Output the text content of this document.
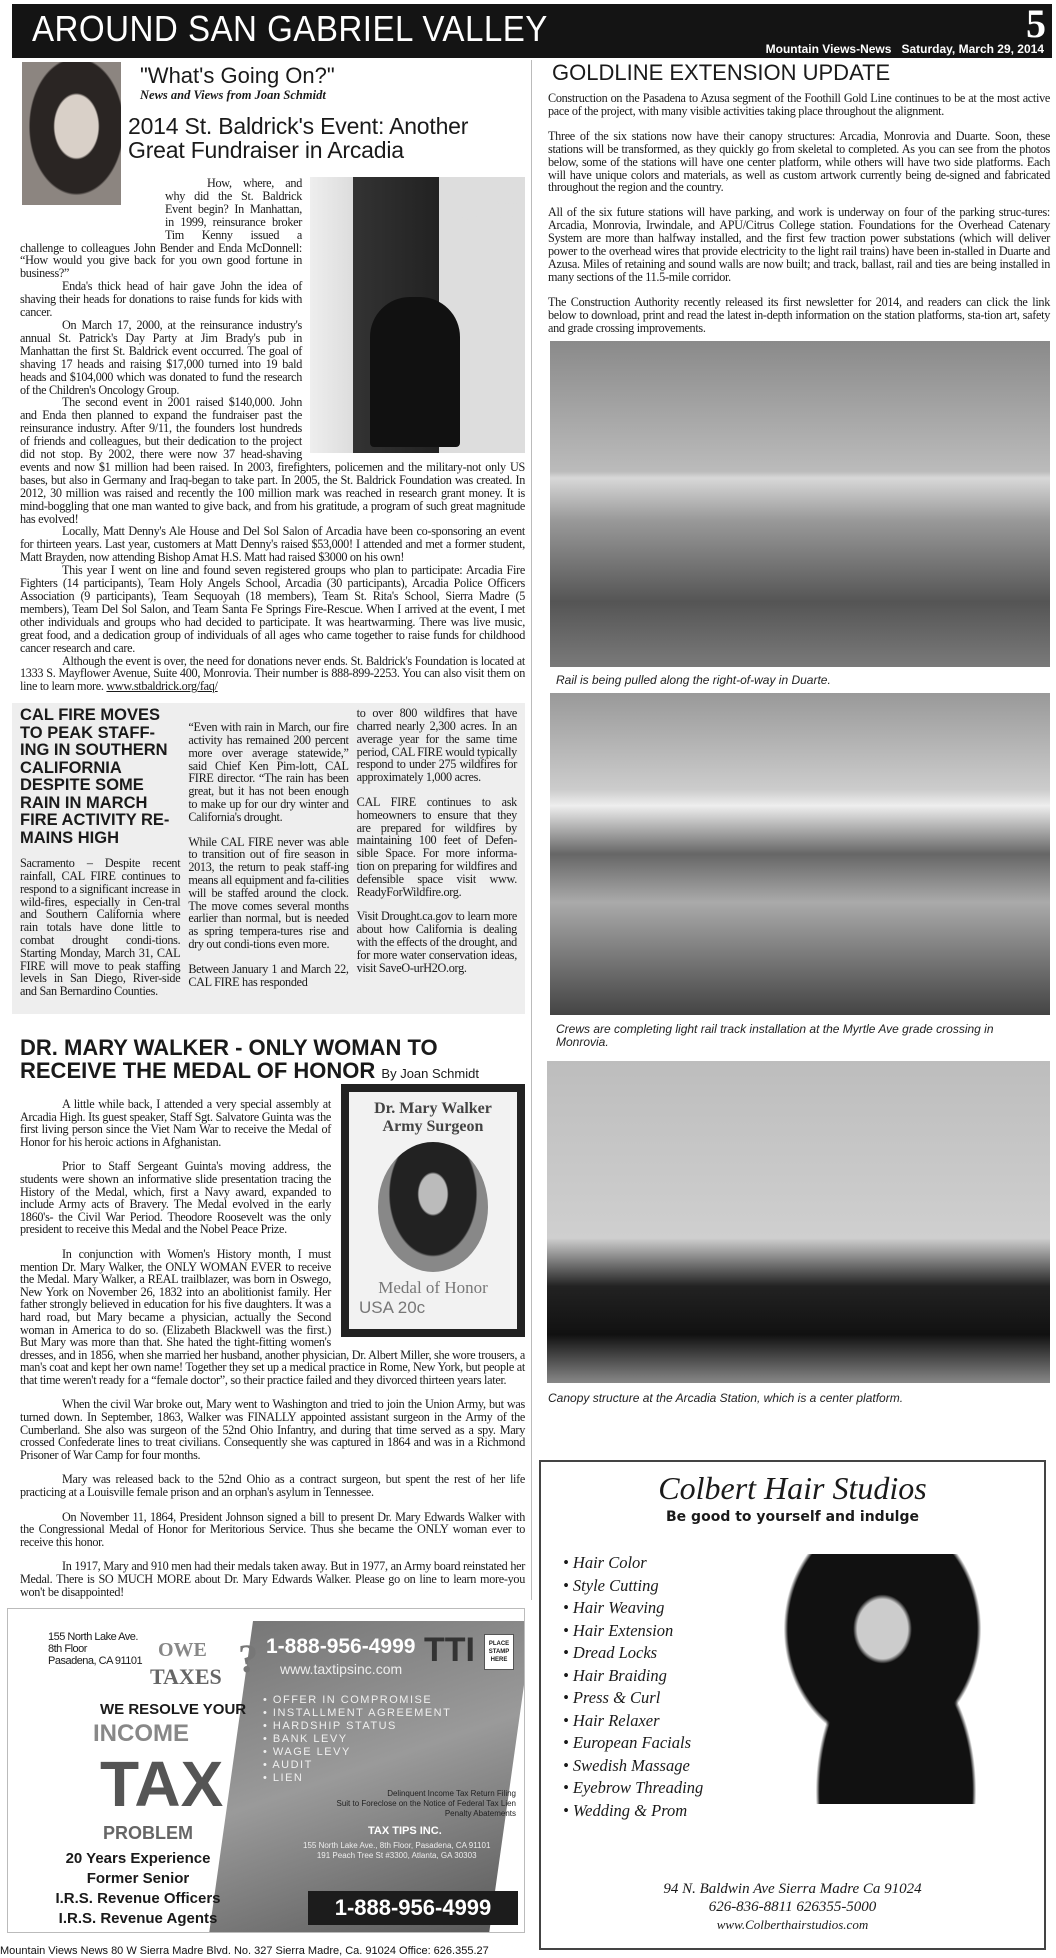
AROUND SAN GABRIEL VALLEY	5
Mountain Views-News Saturday, March 29, 2014
"What's Going On?"
News and Views from Joan Schmidt
2014 St. Baldrick's Event: Another Great Fundraiser in Arcadia
(626) 445-6060
www.delsolspa.com

How, where, and why did the St. Baldrick Event begin? In Manhattan, in 1999, reinsurance broker Tim Kenny issued a challenge to colleagues John Bender and Enda McDonnell: “How would you give back for you own good fortune in business?”

Enda's thick head of hair gave John the idea of shaving their heads for donations to raise funds for kids with cancer.

On March 17, 2000, at the reinsurance industry's annual St. Patrick's Day Party at Jim Brady's pub in Manhattan the first St. Baldrick event occurred. The goal of shaving 17 heads and raising $17,000 turned into 19 bald heads and $104,000 which was donated to fund the research of the Children's Oncology Group.

The second event in 2001 raised $140,000. John and Enda then planned to expand the fundraiser past the reinsurance industry. After 9/11, the founders lost hundreds of friends and colleagues, but their dedication to the project did not stop. By 2002, there were now 37 head-shaving events and now $1 million had been raised. In 2003, firefighters, policemen and the military-not only US bases, but also in Germany and Iraq-began to take part. In 2005, the St. Baldrick Foundation was created. In 2012, 30 million was raised and recently the 100 million mark was reached in research grant money. It is mind-boggling that one man wanted to give back, and from his gratitude, a program of such great magnitude has evolved!

Locally, Matt Denny's Ale House and Del Sol Salon of Arcadia have been co-sponsoring an event for thirteen years. Last year, customers at Matt Denny's raised $53,000! I attended and met a former student, Matt Brayden, now attending Bishop Amat H.S. Matt had raised $3000 on his own!

This year I went on line and found seven registered groups who plan to participate: Arcadia Fire Fighters (14 participants), Team Holy Angels School, Arcadia (30 participants), Arcadia Police Officers Association (9 participants), Team Sequoyah (18 members), Team St. Rita's School, Sierra Madre (5 members), Team Del Sol Salon, and Team Santa Fe Springs Fire-Rescue. When I arrived at the event, I met other individuals and groups who had decided to participate. It was heartwarming. There was live music, great food, and a dedication group of individuals of all ages who came together to raise funds for childhood cancer research and care.

Although the event is over, the need for donations never ends. St. Baldrick's Foundation is located at 1333 S. Mayflower Avenue, Suite 400, Monrovia. Their number is 888-899-2253. You can also visit them on line to learn more. www.stbaldrick.org/faq/

CAL FIRE MOVES TO PEAK STAFF-ING IN SOUTHERN CALIFORNIA DESPITE SOME RAIN IN MARCH FIRE ACTIVITY RE-MAINS HIGH

Sacramento – Despite recent rainfall, CAL FIRE continues to respond to a significant increase in wild-fires, especially in Cen-tral and Southern California where rain totals have done little to combat drought condi-tions. Starting Monday, March 31, CAL FIRE will move to peak staffing levels in San Diego, River-side and San Bernardino Counties.

“Even with rain in March, our fire activity has remained 200 percent more over average statewide,” said Chief Ken Pim-lott, CAL FIRE director. “The rain has been great, but it has not been enough to make up for our dry winter and California's drought.

While CAL FIRE never was able to transition out of fire season in 2013, the return to peak staff-ing means all equipment and fa-cilities will be staffed around the clock. The move comes several months earlier than normal, but is needed as spring tempera-tures rise and dry out condi-tions even more.

Between January 1 and March 22, CAL FIRE has responded

to over 800 wildfires that have charred nearly 2,300 acres. In an average year for the same time period, CAL FIRE would typically respond to under 275 wildfires for approximately 1,000 acres.

CAL FIRE continues to ask homeowners to ensure that they are prepared for wildfires by maintaining 100 feet of Defen-sible Space. For more informa-tion on preparing for wildfires and defensible space visit www. ReadyForWildfire.org.

Visit Drought.ca.gov to learn more about how California is dealing with the effects of the drought, and for more water conservation ideas, visit SaveO-urH2O.org.

DR. MARY WALKER - ONLY WOMAN TO RECEIVE THE MEDAL OF HONOR By Joan Schmidt
Dr. Mary Walker
Army Surgeon
Medal of Honor
USA 20c

A little while back, I attended a very special assembly at Arcadia High. Its guest speaker, Staff Sgt. Salvatore Guinta was the first living person since the Viet Nam War to receive the Medal of Honor for his heroic actions in Afghanistan.

Prior to Staff Sergeant Guinta's moving address, the students were shown an informative slide presentation tracing the History of the Medal, which, first a Navy award, expanded to include Army acts of Bravery. The Medal evolved in the early 1860's- the Civil War Period. Theodore Roosevelt was the only president to receive this Medal and the Nobel Peace Prize.

In conjunction with Women's History month, I must mention Dr. Mary Walker, the ONLY WOMAN EVER to receive the Medal. Mary Walker, a REAL trailblazer, was born in Oswego, New York on November 26, 1832 into an abolitionist family. Her father strongly believed in education for his five daughters. It was a hard road, but Mary became a physician, actually the Second woman in America to do so. (Elizabeth Blackwell was the first.) But Mary was more than that. She hated the tight-fitting women's dresses, and in 1856, when she married her husband, another physician, Dr. Albert Miller, she wore trousers, a man's coat and kept her own name! Together they set up a medical practice in Rome, New York, but people at that time weren't ready for a “female doctor”, so their practice failed and they divorced thirteen years later.

When the civil War broke out, Mary went to Washington and tried to join the Union Army, but was turned down. In September, 1863, Walker was FINALLY appointed assistant surgeon in the Army of the Cumberland. She also was surgeon of the 52nd Ohio Infantry, and during that time served as a spy. Mary crossed Confederate lines to treat civilians. Consequently she was captured in 1864 and was in a Richmond Prisoner of War Camp for four months.

Mary was released back to the 52nd Ohio as a contract surgeon, but spent the rest of her life practicing at a Louisville female prison and an orphan's asylum in Tennessee.

On November 11, 1864, President Johnson signed a bill to present Dr. Mary Edwards Walker with the Congressional Medal of Honor for Meritorious Service. Thus she became the ONLY woman ever to receive this honor.

In 1917, Mary and 910 men had their medals taken away. But in 1977, an Army board reinstated her Medal. There is SO MUCH MORE about Dr. Mary Edwards Walker. Please go on line to learn more-you won't be disappointed!

155 North Lake Ave.
8th Floor
Pasadena, CA 91101 OWE
TAXES ?
WE RESOLVE YOUR
INCOME
TAX
PROBLEM
1-888-956-4999
www.taxtipsinc.com TTI	PLACE STAMP HERE
• OFFER IN COMPROMISE
• INSTALLMENT AGREEMENT
• HARDSHIP STATUS
• BANK LEVY
• WAGE LEVY
• AUDIT
• LIEN
Delinquent Income Tax Return Filing
Suit to Foreclose on the Notice of Federal Tax Lien
Penalty Abatements
TAX TIPS INC.
155 North Lake Ave., 8th Floor, Pasadena, CA 91101
191 Peach Tree St #3300, Atlanta, GA 30303
20 Years Experience
Former Senior
I.R.S. Revenue Officers
I.R.S. Revenue Agents	1-888-956-4999
GOLDLINE EXTENSION UPDATE

Construction on the Pasadena to Azusa segment of the Foothill Gold Line continues to be at the most active pace of the project, with many visible activities taking place throughout the alignment.

Three of the six stations now have their canopy structures: Arcadia, Monrovia and Duarte. Soon, these stations will be transformed, as they quickly go from skeletal to completed. As you can see from the photos below, some of the stations will have one center platform, while others will have two side platforms. Each will have unique colors and materials, as well as custom artwork currently being de-signed and fabricated throughout the region and the country.

All of the six future stations will have parking, and work is underway on four of the parking struc-tures: Arcadia, Monrovia, Irwindale, and APU/Citrus College station. Foundations for the Overhead Catenary System are more than halfway installed, and the first few traction power substations (which will deliver power to the overhead wires that provide electricity to the light rail trains) have been in-stalled in Duarte and Azusa. Miles of retaining and sound walls are now built; and track, ballast, rail and ties are being installed in many sections of the 11.5-mile corridor.

The Construction Authority recently released its first newsletter for 2014, and readers can click the link below to download, print and read the latest in-depth information on the station platforms, sta-tion art, safety and grade crossing improvements.

Rail is being pulled along the right-of-way in Duarte.
Crews are completing light rail track installation at the Myrtle Ave grade crossing in Monrovia.
Canopy structure at the Arcadia Station, which is a center platform.
Colbert Hair Studios
Be good to yourself and indulge
• Hair Color
• Style Cutting
• Hair Weaving
• Hair Extension
• Dread Locks
• Hair Braiding
• Press & Curl
• Hair Relaxer
• European Facials
• Swedish Massage
• Eyebrow Threading
• Wedding & Prom
94 N. Baldwin Ave Sierra Madre Ca 91024
626-836-8811 626355-5000
www.Colberthairstudios.com
Mountain Views News 80 W Sierra Madre Blvd. No. 327 Sierra Madre, Ca. 91024 Office: 626.355.27
